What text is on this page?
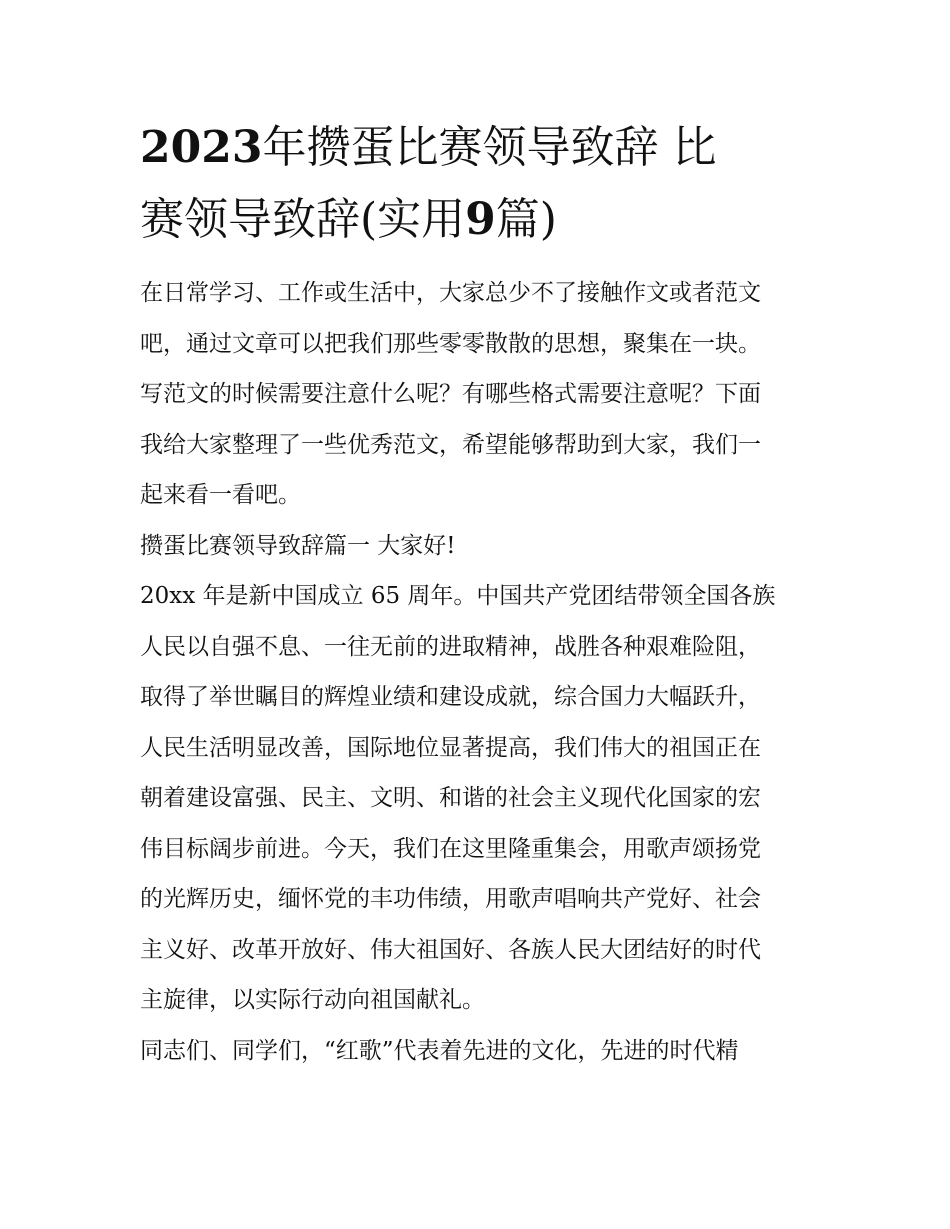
2023年攒蛋比赛领导致辞 比
赛领导致辞(实用9篇)
在日常学习、工作或生活中，大家总少不了接触作文或者范文
吧，通过文章可以把我们那些零零散散的思想，聚集在一块。
写范文的时候需要注意什么呢？有哪些格式需要注意呢？下面
我给大家整理了一些优秀范文，希望能够帮助到大家，我们一
起来看一看吧。
攒蛋比赛领导致辞篇一 大家好!
20xx 年是新中国成立 65 周年。中国共产党团结带领全国各族
人民以自强不息、一往无前的进取精神，战胜各种艰难险阻，
取得了举世瞩目的辉煌业绩和建设成就，综合国力大幅跃升，
人民生活明显改善，国际地位显著提高，我们伟大的祖国正在
朝着建设富强、民主、文明、和谐的社会主义现代化国家的宏
伟目标阔步前进。今天，我们在这里隆重集会，用歌声颂扬党
的光辉历史，缅怀党的丰功伟绩，用歌声唱响共产党好、社会
主义好、改革开放好、伟大祖国好、各族人民大团结好的时代
主旋律，以实际行动向祖国献礼。
同志们、同学们，“红歌”代表着先进的文化，先进的时代精
